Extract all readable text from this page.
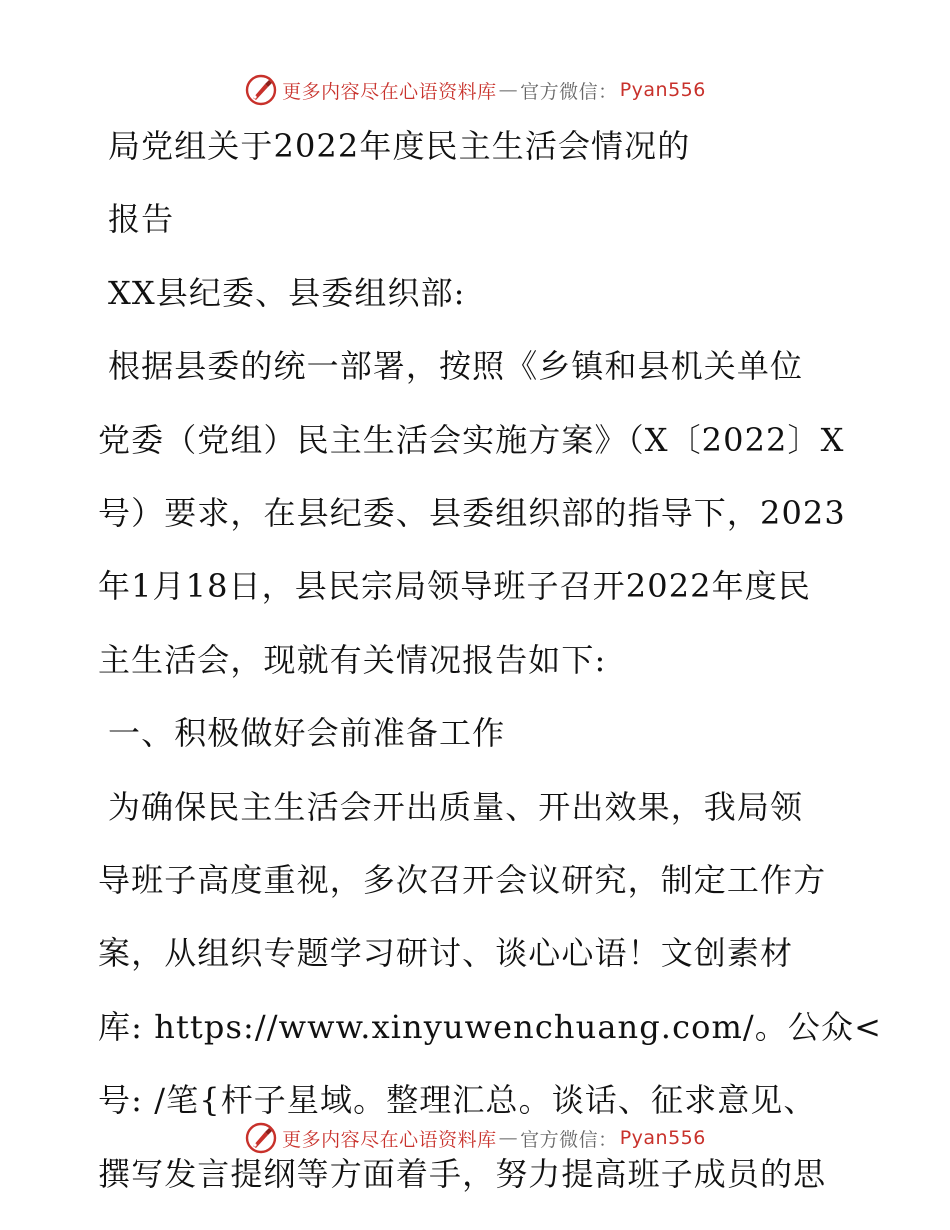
更多内容尽在心语资料库 — 官方微信： Pyan556
局党组关于2022年度民主生活会情况的
报告
XX县纪委、县委组织部:
根据县委的统一部署，按照《乡镇和县机关单位
党委（党组）民主生活会实施方案》（X〔2022〕X
号）要求，在县纪委、县委组织部的指导下，2023
年1月18日，县民宗局领导班子召开2022年度民
主生活会，现就有关情况报告如下:
一、积极做好会前准备工作
为确保民主生活会开出质量、开出效果，我局领
导班子高度重视，多次召开会议研究，制定工作方
案，从组织专题学习研讨、谈心心语！文创素材
库: https://www.xinyuwenchuang.com/。公众<
号: /笔{杆子星域。整理汇总。谈话、征求意见、
撰写发言提纲等方面着手，努力提高班子成员的思
更多内容尽在心语资料库 — 官方微信： Pyan556
